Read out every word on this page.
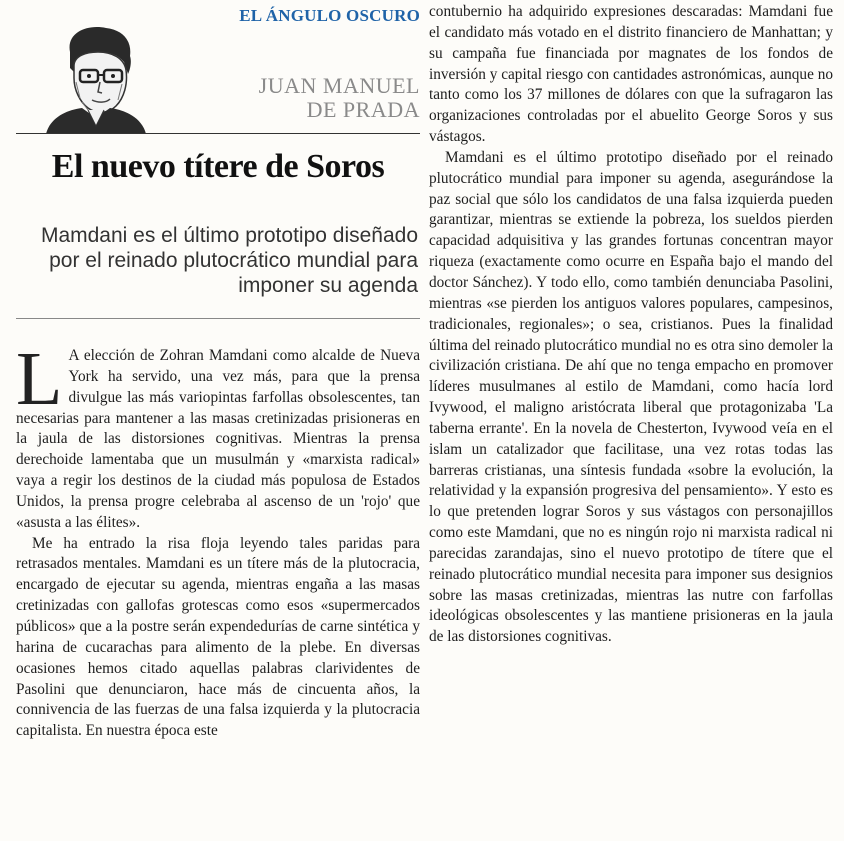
EL ÁNGULO OSCURO
JUAN MANUEL
DE PRADA
El nuevo títere de Soros
Mamdani es el último prototipo diseñado por el reinado plutocrático mundial para imponer su agenda

L A elección de Zohran Mamdani como alcalde de Nueva York ha servido, una vez más, para que la prensa divulgue las más variopintas farfollas obsolescentes, tan necesarias para mantener a las masas cretinizadas prisioneras en la jaula de las distorsiones cognitivas. Mientras la prensa derechoide lamentaba que un musulmán y «marxista radical» vaya a regir los destinos de la ciudad más populosa de Estados Unidos, la prensa progre celebraba al ascenso de un 'rojo' que «asusta a las élites».

Me ha entrado la risa floja leyendo tales paridas para retrasados mentales. Mamdani es un títere más de la plutocracia, encargado de ejecutar su agenda, mientras engaña a las masas cretinizadas con gallofas grotescas como esos «supermercados públicos» que a la postre serán expendedurías de carne sintética y harina de cucarachas para alimento de la plebe. En diversas ocasiones hemos citado aquellas palabras clarividentes de Pasolini que denunciaron, hace más de cincuenta años, la connivencia de las fuerzas de una falsa izquierda y la plutocracia capitalista. En nuestra época este

contubernio ha adquirido expresiones descaradas: Mamdani fue el candidato más votado en el distrito financiero de Manhattan; y su campaña fue financiada por magnates de los fondos de inversión y capital riesgo con cantidades astronómicas, aunque no tanto como los 37 millones de dólares con que la sufragaron las organizaciones controladas por el abuelito George Soros y sus vástagos.

Mamdani es el último prototipo diseñado por el reinado plutocrático mundial para imponer su agenda, asegurándose la paz social que sólo los candidatos de una falsa izquierda pueden garantizar, mientras se extiende la pobreza, los sueldos pierden capacidad adquisitiva y las grandes fortunas concentran mayor riqueza (exactamente como ocurre en España bajo el mando del doctor Sánchez). Y todo ello, como también denunciaba Pasolini, mientras «se pierden los antiguos valores populares, campesinos, tradicionales, regionales»; o sea, cristianos. Pues la finalidad última del reinado plutocrático mundial no es otra sino demoler la civilización cristiana. De ahí que no tenga empacho en promover líderes musulmanes al estilo de Mamdani, como hacía lord Ivywood, el maligno aristócrata liberal que protagonizaba 'La taberna errante'. En la novela de Chesterton, Ivywood veía en el islam un catalizador que facilitase, una vez rotas todas las barreras cristianas, una síntesis fundada «sobre la evolución, la relatividad y la expansión progresiva del pensamiento». Y esto es lo que pretenden lograr Soros y sus vástagos con personajillos como este Mamdani, que no es ningún rojo ni marxista radical ni parecidas zarandajas, sino el nuevo prototipo de títere que el reinado plutocrático mundial necesita para imponer sus designios sobre las masas cretinizadas, mientras las nutre con farfollas ideológicas obsolescentes y las mantiene prisioneras en la jaula de las distorsiones cognitivas.
